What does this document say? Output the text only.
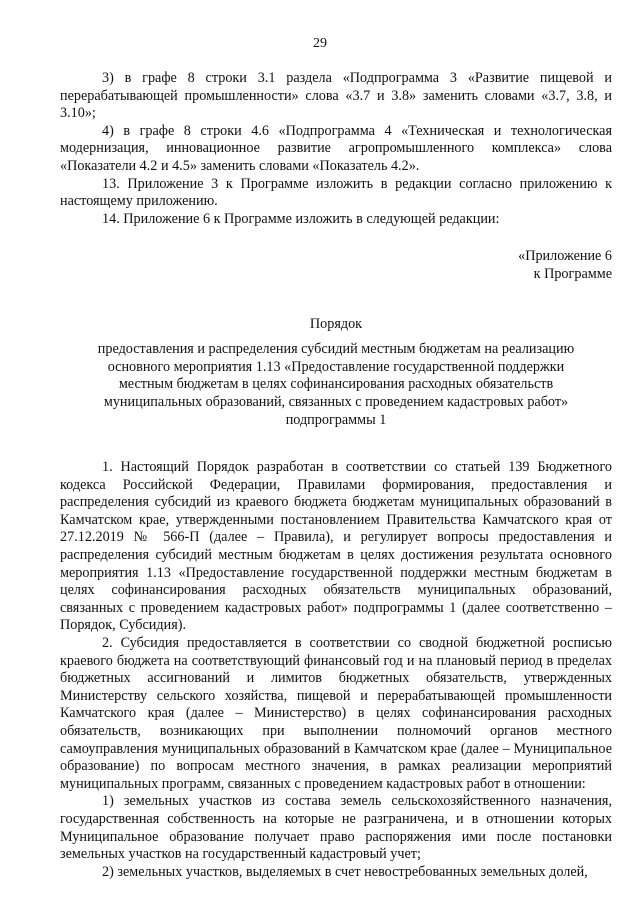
29

3) в графе 8 строки 3.1 раздела «Подпрограмма 3 «Развитие пищевой и перерабатывающей промышленности» слова «3.7 и 3.8» заменить словами «3.7, 3.8, и 3.10»;

4) в графе 8 строки 4.6 «Подпрограмма 4 «Техническая и технологическая модернизация, инновационное развитие агропромышленного комплекса» слова «Показатели 4.2 и 4.5» заменить словами «Показатель 4.2».

13. Приложение 3 к Программе изложить в редакции согласно приложению к настоящему приложению.

14. Приложение 6 к Программе изложить в следующей редакции:

«Приложение 6
к Программе
Порядок
предоставления и распределения субсидий местным бюджетам на реализацию основного мероприятия 1.13 «Предоставление государственной поддержки местным бюджетам в целях софинансирования расходных обязательств муниципальных образований, связанных с проведением кадастровых работ» подпрограммы 1

1. Настоящий Порядок разработан в соответствии со статьей 139 Бюджетного кодекса Российской Федерации, Правилами формирования, предоставления и распределения субсидий из краевого бюджета бюджетам муниципальных образований в Камчатском крае, утвержденными постановлением Правительства Камчатского края от 27.12.2019 № 566-П (далее – Правила), и регулирует вопросы предоставления и распределения субсидий местным бюджетам в целях достижения результата основного мероприятия 1.13 «Предоставление государственной поддержки местным бюджетам в целях софинансирования расходных обязательств муниципальных образований, связанных с проведением кадастровых работ» подпрограммы 1 (далее соответственно – Порядок, Субсидия).

2. Субсидия предоставляется в соответствии со сводной бюджетной росписью краевого бюджета на соответствующий финансовый год и на плановый период в пределах бюджетных ассигнований и лимитов бюджетных обязательств, утвержденных Министерству сельского хозяйства, пищевой и перерабатывающей промышленности Камчатского края (далее – Министерство) в целях софинансирования расходных обязательств, возникающих при выполнении полномочий органов местного самоуправления муниципальных образований в Камчатском крае (далее – Муниципальное образование) по вопросам местного значения, в рамках реализации мероприятий муниципальных программ, связанных с проведением кадастровых работ в отношении:

1) земельных участков из состава земель сельскохозяйственного назначения, государственная собственность на которые не разграничена, и в отношении которых Муниципальное образование получает право распоряжения ими после постановки земельных участков на государственный кадастровый учет;

2) земельных участков, выделяемых в счет невостребованных земельных долей,
